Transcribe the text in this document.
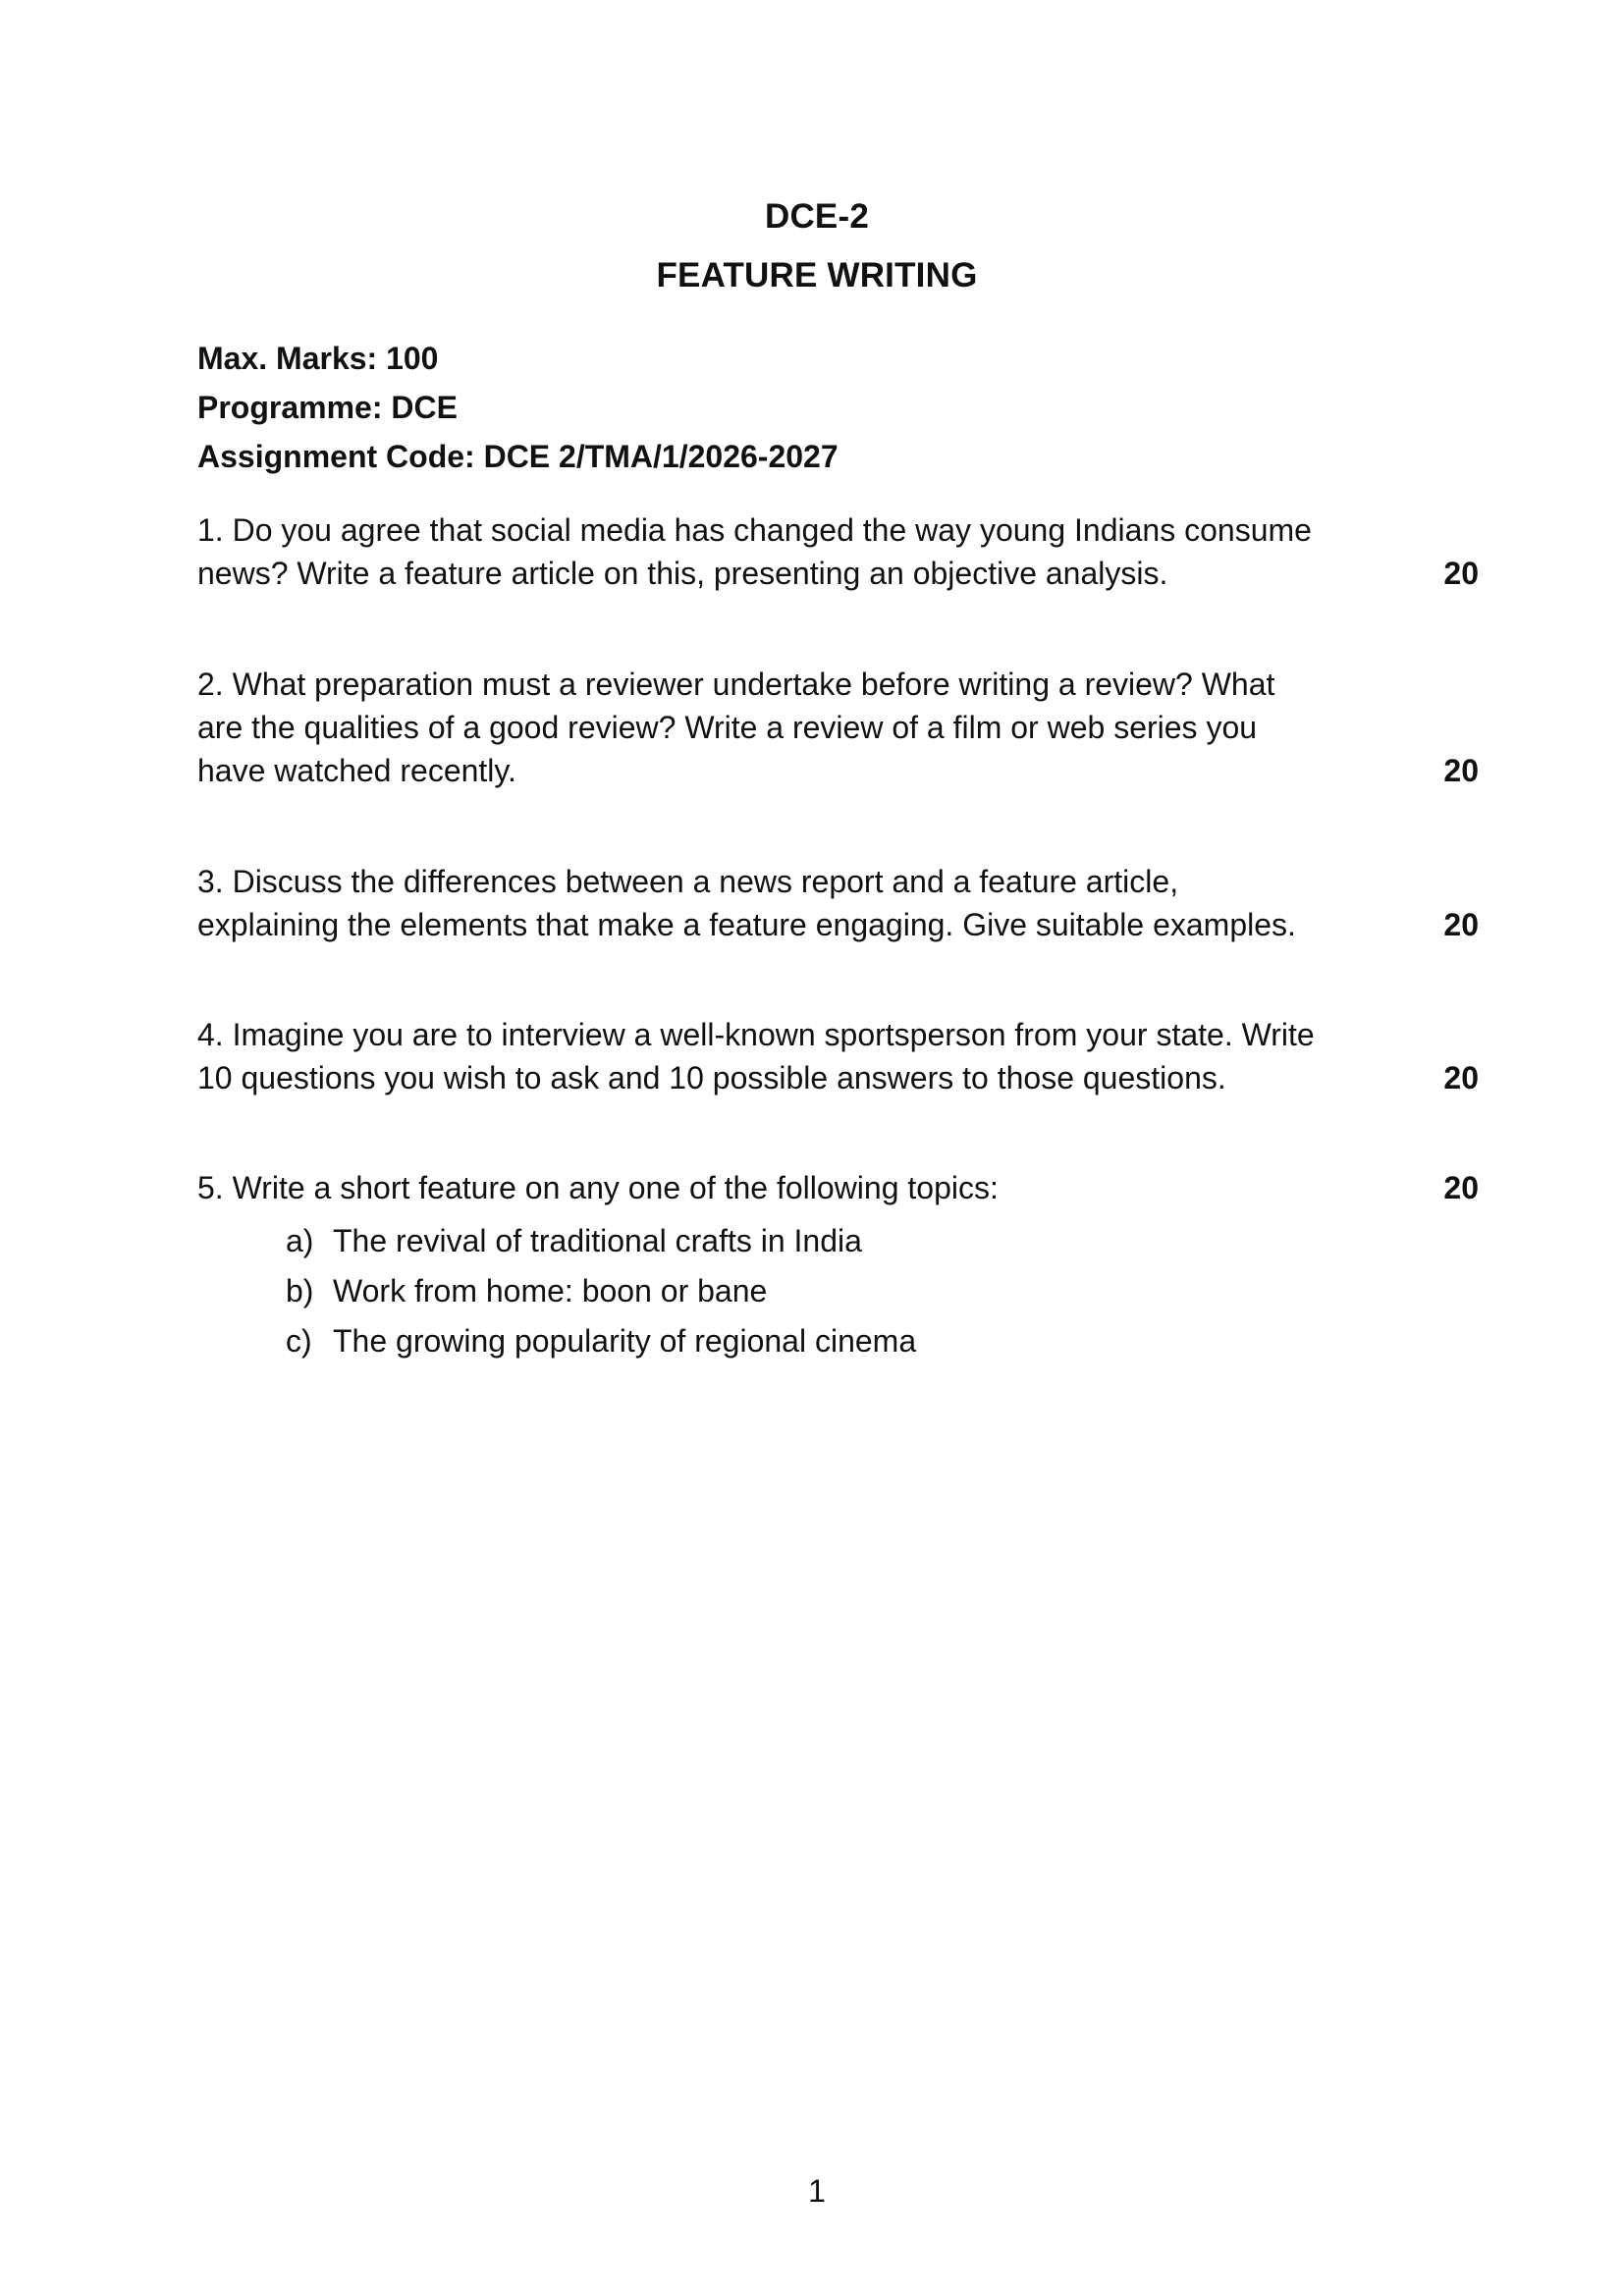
DCE-2
FEATURE WRITING
Max. Marks: 100
Programme: DCE
Assignment Code: DCE 2/TMA/1/2026-2027
1. Do you agree that social media has changed the way young Indians consume
news? Write a feature article on this, presenting an objective analysis.	20
2. What preparation must a reviewer undertake before writing a review? What
are the qualities of a good review? Write a review of a film or web series you
have watched recently.	20
3. Discuss the differences between a news report and a feature article,
explaining the elements that make a feature engaging. Give suitable examples.	20
4. Imagine you are to interview a well-known sportsperson from your state. Write
10 questions you wish to ask and 10 possible answers to those questions.	20
5. Write a short feature on any one of the following topics:	20
a) The revival of traditional crafts in India
b) Work from home: boon or bane
c) The growing popularity of regional cinema
1
